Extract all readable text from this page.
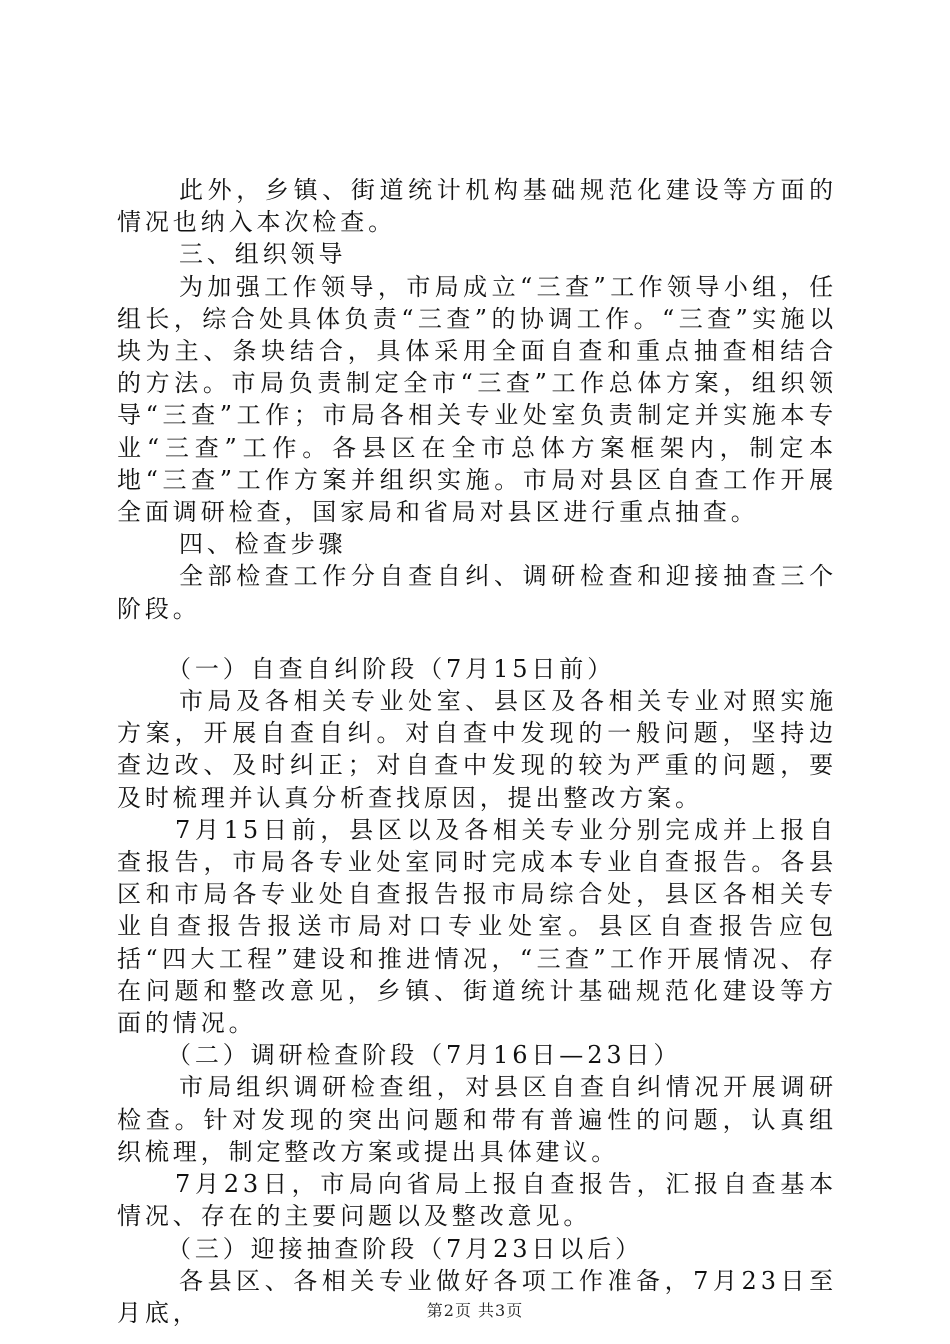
此外，乡镇、街道统计机构基础规范化建设等方面的情况也纳入本次检查。

三、组织领导

为加强工作领导，市局成立“三查”工作领导小组，任组长，综合处具体负责“三查”的协调工作。“三查”实施以块为主、条块结合，具体采用全面自查和重点抽查相结合的方法。市局负责制定全市“三查”工作总体方案，组织领导“三查”工作；市局各相关专业处室负责制定并实施本专业“三查”工作。各县区在全市总体方案框架内，制定本地“三查”工作方案并组织实施。市局对县区自查工作开展全面调研检查，国家局和省局对县区进行重点抽查。

四、检查步骤

全部检查工作分自查自纠、调研检查和迎接抽查三个阶段。

（一）自查自纠阶段（7月15日前）

市局及各相关专业处室、县区及各相关专业对照实施方案，开展自查自纠。对自查中发现的一般问题，坚持边查边改、及时纠正；对自查中发现的较为严重的问题，要及时梳理并认真分析查找原因，提出整改方案。

7月15日前，县区以及各相关专业分别完成并上报自查报告，市局各专业处室同时完成本专业自查报告。各县区和市局各专业处自查报告报市局综合处，县区各相关专业自查报告报送市局对口专业处室。县区自查报告应包括“四大工程”建设和推进情况，“三查”工作开展情况、存在问题和整改意见，乡镇、街道统计基础规范化建设等方面的情况。

（二）调研检查阶段（7月16日—23日）

市局组织调研检查组，对县区自查自纠情况开展调研检查。针对发现的突出问题和带有普遍性的问题，认真组织梳理，制定整改方案或提出具体建议。

7月23日，市局向省局上报自查报告，汇报自查基本情况、存在的主要问题以及整改意见。

（三）迎接抽查阶段（7月23日以后）

各县区、各相关专业做好各项工作准备，7月23日至月底，	第2页 共3页
